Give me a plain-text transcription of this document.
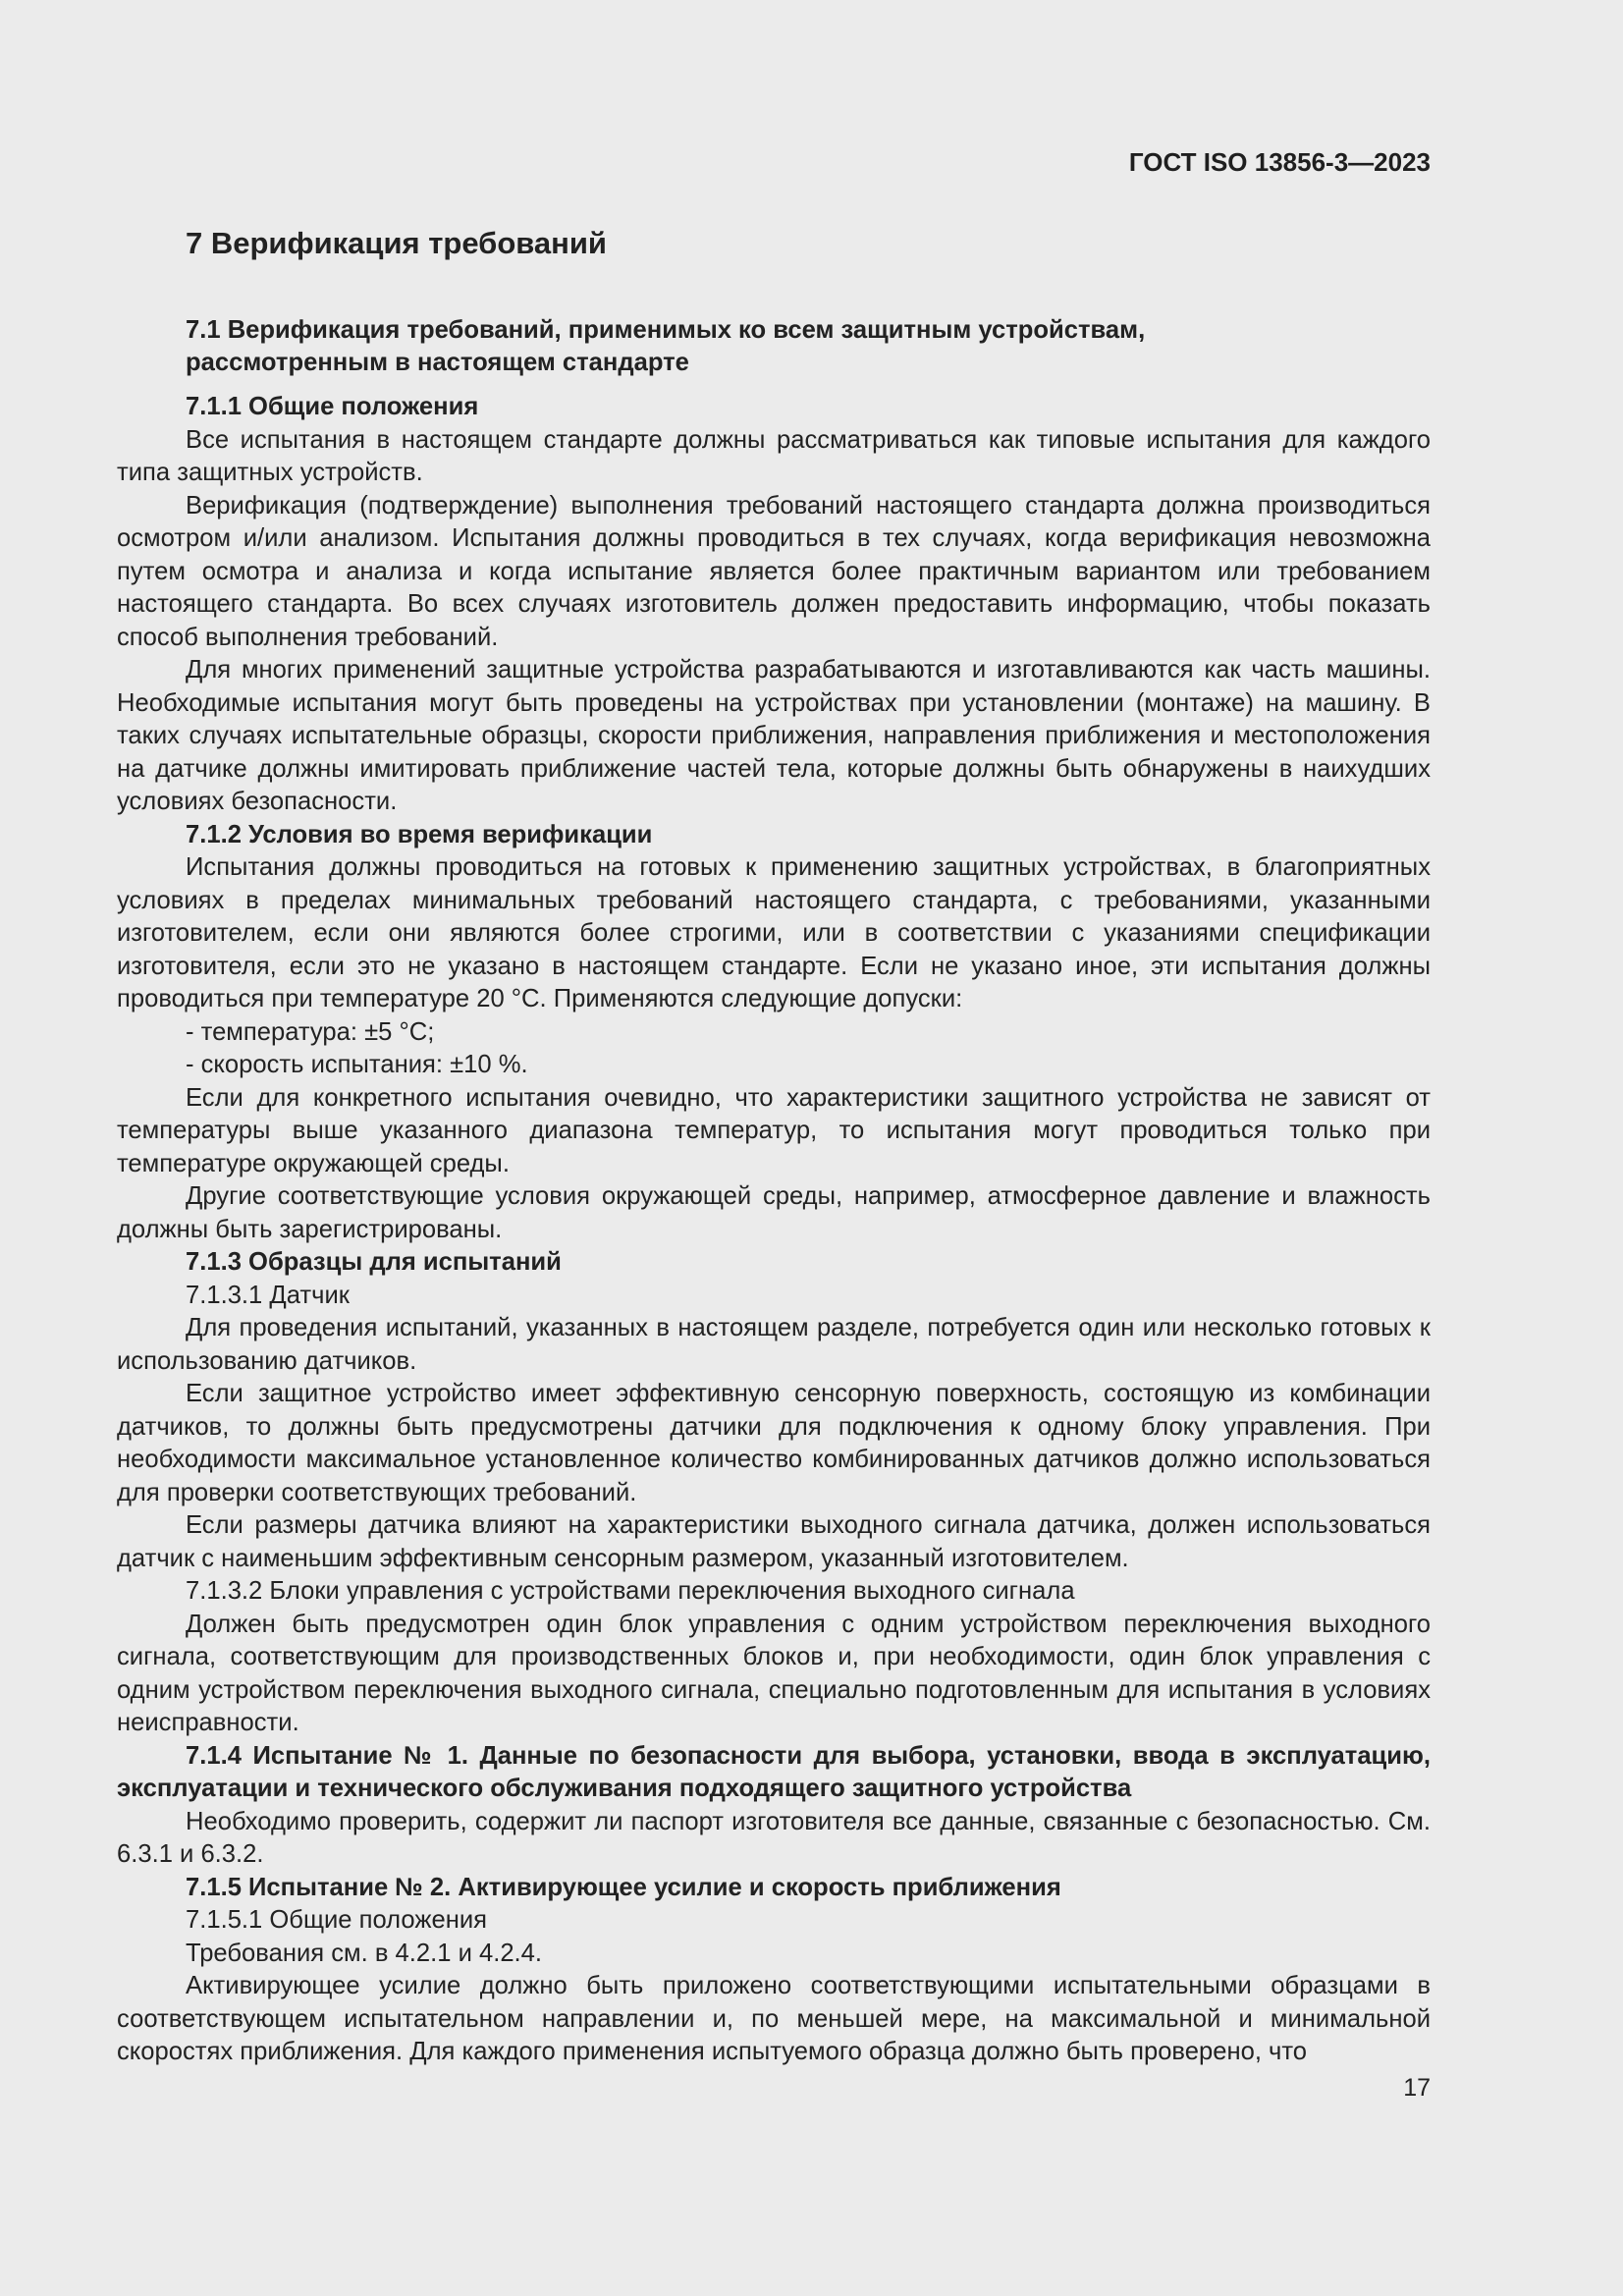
ГОСТ ISO 13856-3—2023
7 Верификация требований
7.1 Верификация требований, применимых ко всем защитным устройствам,
рассмотренным в настоящем стандарте
7.1.1 Общие положения

Все испытания в настоящем стандарте должны рассматриваться как типовые испытания для каждого типа защитных устройств.

Верификация (подтверждение) выполнения требований настоящего стандарта должна производиться осмотром и/или анализом. Испытания должны проводиться в тех случаях, когда верификация невозможна путем осмотра и анализа и когда испытание является более практичным вариантом или требованием настоящего стандарта. Во всех случаях изготовитель должен предоставить информацию, чтобы показать способ выполнения требований.

Для многих применений защитные устройства разрабатываются и изготавливаются как часть машины. Необходимые испытания могут быть проведены на устройствах при установлении (монтаже) на машину. В таких случаях испытательные образцы, скорости приближения, направления приближения и местоположения на датчике должны имитировать приближение частей тела, которые должны быть обнаружены в наихудших условиях безопасности.

7.1.2 Условия во время верификации

Испытания должны проводиться на готовых к применению защитных устройствах, в благоприятных условиях в пределах минимальных требований настоящего стандарта, с требованиями, указанными изготовителем, если они являются более строгими, или в соответствии с указаниями спецификации изготовителя, если это не указано в настоящем стандарте. Если не указано иное, эти испытания должны проводиться при температуре 20 °С. Применяются следующие допуски:

- температура: ±5 °С;
- скорость испытания: ±10 %.

Если для конкретного испытания очевидно, что характеристики защитного устройства не зависят от температуры выше указанного диапазона температур, то испытания могут проводиться только при температуре окружающей среды.

Другие соответствующие условия окружающей среды, например, атмосферное давление и влажность должны быть зарегистрированы.

7.1.3 Образцы для испытаний
7.1.3.1 Датчик

Для проведения испытаний, указанных в настоящем разделе, потребуется один или несколько готовых к использованию датчиков.

Если защитное устройство имеет эффективную сенсорную поверхность, состоящую из комбинации датчиков, то должны быть предусмотрены датчики для подключения к одному блоку управления. При необходимости максимальное установленное количество комбинированных датчиков должно использоваться для проверки соответствующих требований.

Если размеры датчика влияют на характеристики выходного сигнала датчика, должен использоваться датчик с наименьшим эффективным сенсорным размером, указанный изготовителем.

7.1.3.2 Блоки управления с устройствами переключения выходного сигнала

Должен быть предусмотрен один блок управления с одним устройством переключения выходного сигнала, соответствующим для производственных блоков и, при необходимости, один блок управления с одним устройством переключения выходного сигнала, специально подготовленным для испытания в условиях неисправности.

7.1.4 Испытание № 1. Данные по безопасности для выбора, установки, ввода в эксплуатацию, эксплуатации и технического обслуживания подходящего защитного устройства

Необходимо проверить, содержит ли паспорт изготовителя все данные, связанные с безопасностью. См. 6.3.1 и 6.3.2.

7.1.5 Испытание № 2. Активирующее усилие и скорость приближения
7.1.5.1 Общие положения

Требования см. в 4.2.1 и 4.2.4.

Активирующее усилие должно быть приложено соответствующими испытательными образцами в соответствующем испытательном направлении и, по меньшей мере, на максимальной и минимальной скоростях приближения. Для каждого применения испытуемого образца должно быть проверено, что

17
